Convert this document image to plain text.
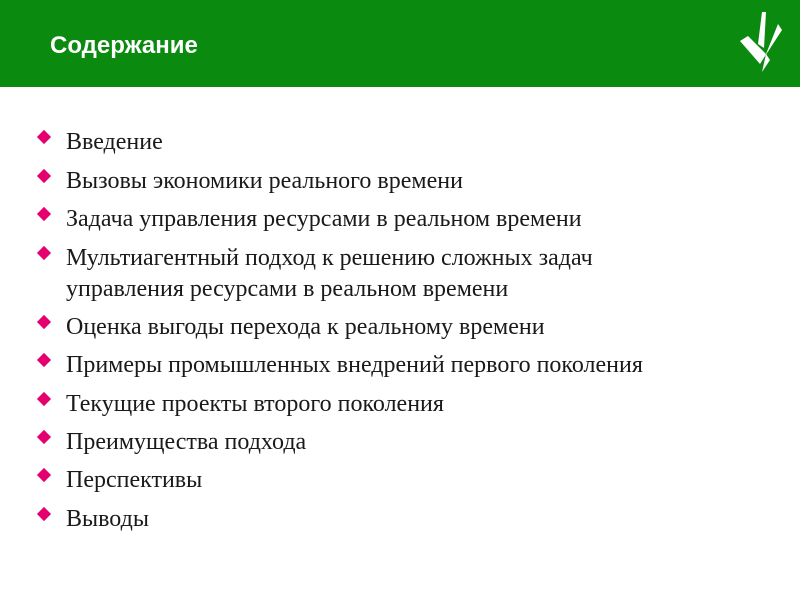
Содержание
Введение
Вызовы экономики реального времени
Задача управления ресурсами в реальном времени
Мультиагентный подход к решению сложных задач
управления ресурсами в реальном времени
Оценка выгоды перехода к реальному времени
Примеры промышленных внедрений первого поколения
Текущие проекты второго поколения
Преимущества подхода
Перспективы
Выводы
